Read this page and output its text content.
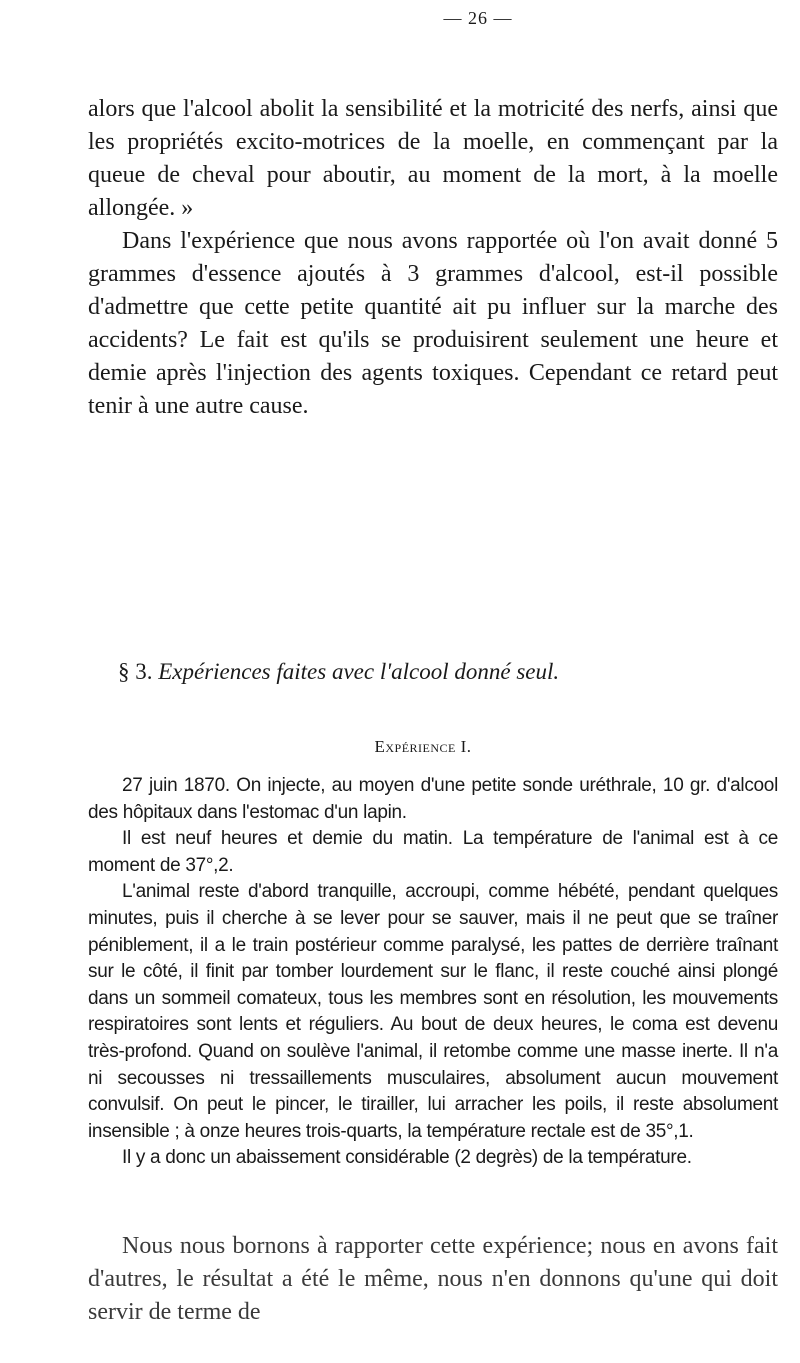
— 26 —

alors que l'alcool abolit la sensibilité et la motricité des nerfs, ainsi que les propriétés excito-motrices de la moelle, en commençant par la queue de cheval pour aboutir, au moment de la mort, à la moelle allongée. »

Dans l'expérience que nous avons rapportée où l'on avait donné 5 grammes d'essence ajoutés à 3 grammes d'alcool, est-il possible d'admettre que cette petite quantité ait pu influer sur la marche des accidents? Le fait est qu'ils se produisirent seulement une heure et demie après l'injection des agents toxiques. Cependant ce retard peut tenir à une autre cause.

§ 3. Expériences faites avec l'alcool donné seul.
Expérience I.

27 juin 1870. On injecte, au moyen d'une petite sonde uréthrale, 10 gr. d'alcool des hôpitaux dans l'estomac d'un lapin.

Il est neuf heures et demie du matin. La température de l'animal est à ce moment de 37°,2.

L'animal reste d'abord tranquille, accroupi, comme hébété, pendant quelques minutes, puis il cherche à se lever pour se sauver, mais il ne peut que se traîner péniblement, il a le train postérieur comme paralysé, les pattes de derrière traînant sur le côté, il finit par tomber lourdement sur le flanc, il reste couché ainsi plongé dans un sommeil comateux, tous les membres sont en résolution, les mouvements respiratoires sont lents et réguliers. Au bout de deux heures, le coma est devenu très-profond. Quand on soulève l'animal, il retombe comme une masse inerte. Il n'a ni secousses ni tressaillements musculaires, absolument aucun mouvement convulsif. On peut le pincer, le tirailler, lui arracher les poils, il reste absolument insensible ; à onze heures trois-quarts, la température rectale est de 35°,1.

Il y a donc un abaissement considérable (2 degrès) de la température.

Nous nous bornons à rapporter cette expérience; nous en avons fait d'autres, le résultat a été le même, nous n'en donnons qu'une qui doit servir de terme de
